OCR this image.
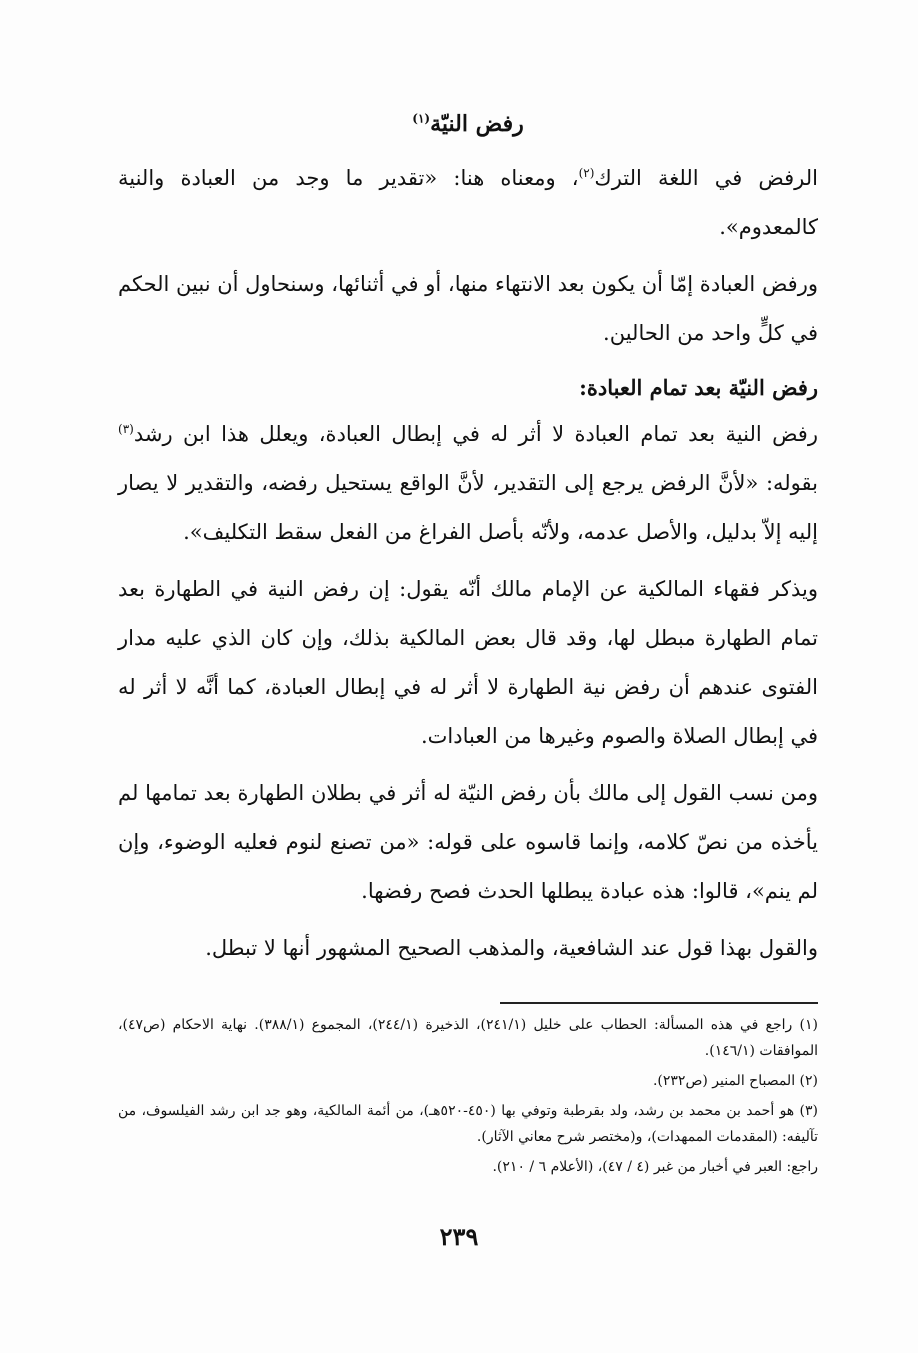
رفض النيّة$^{(١)}$

الرفض في اللغة الترك$^{(٢)}$، ومعناه هنا: «تقدير ما وجد من العبادة والنية كالمعدوم».

ورفض العبادة إمّا أن يكون بعد الانتهاء منها، أو في أثنائها، وسنحاول أن نبين الحكم في كلٍّ واحد من الحالين.

رفض النيّة بعد تمام العبادة:

رفض النية بعد تمام العبادة لا أثر له في إبطال العبادة، ويعلل هذا ابن رشد$^{(٣)}$ بقوله: «لأنَّ الرفض يرجع إلى التقدير، لأنَّ الواقع يستحيل رفضه، والتقدير لا يصار إليه إلاّ بدليل، والأصل عدمه، ولأنّه بأصل الفراغ من الفعل سقط التكليف».

ويذكر فقهاء المالكية عن الإمام مالك أنّه يقول: إن رفض النية في الطهارة بعد تمام الطهارة مبطل لها، وقد قال بعض المالكية بذلك، وإن كان الذي عليه مدار الفتوى عندهم أن رفض نية الطهارة لا أثر له في إبطال العبادة، كما أنَّه لا أثر له في إبطال الصلاة والصوم وغيرها من العبادات.

ومن نسب القول إلى مالك بأن رفض النيّة له أثر في بطلان الطهارة بعد تمامها لم يأخذه من نصّ كلامه، وإنما قاسوه على قوله: «من تصنع لنوم فعليه الوضوء، وإن لم ينم»، قالوا: هذه عبادة يبطلها الحدث فصح رفضها.

والقول بهذا قول عند الشافعية، والمذهب الصحيح المشهور أنها لا تبطل.

(١) راجع في هذه المسألة: الحطاب على خليل (٢٤١/١)، الذخيرة (٢٤٤/١)، المجموع (٣٨٨/١). نهاية الاحكام (ص٤٧)، الموافقات (١٤٦/١).

(٢) المصباح المنير (ص٢٣٢).

(٣) هو أحمد بن محمد بن رشد، ولد بقرطبة وتوفي بها (٤٥٠-٥٢٠هـ)، من أئمة المالكية، وهو جد ابن رشد الفيلسوف، من تآليفه: (المقدمات الممهدات)، و(مختصر شرح معاني الآثار).

راجع: العبر في أخبار من غبر (٤ / ٤٧)، (الأعلام ٦ / ٢١٠).

٢٣٩
